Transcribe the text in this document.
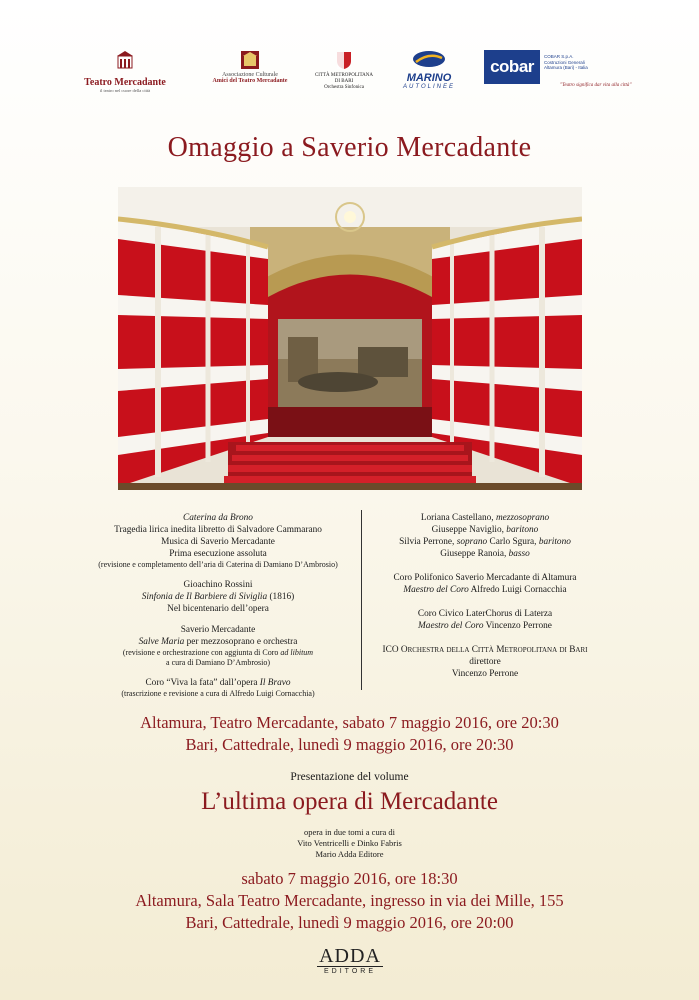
Teatro Mercadante
il teatro nel cuore della città
Associazione Culturale
Amici del Teatro Mercadante
CITTÀ METROPOLITANA
DI BARI
Orchestra Sinfonica
MARINO
AUTOLINEE
cobar
COBAR S.p.A.
Costruzioni Generali
Altamura (Bari) - Italia
"Teatro significa dar vita alla città"
Omaggio a Saverio Mercadante

Caterina da Brono

Tragedia lirica inedita libretto di Salvadore Cammarano

Musica di Saverio Mercadante

Prima esecuzione assoluta

(revisione e completamento dell’aria di Caterina di Damiano D’Ambrosio)

Gioachino Rossini

Sinfonia de Il Barbiere di Siviglia (1816)

Nel bicentenario dell’opera

Saverio Mercadante

Salve Maria per mezzosoprano e orchestra

(revisione e orchestrazione con aggiunta di Coro ad libitum

a cura di Damiano D’Ambrosio)

Coro “Viva la fata” dall’opera Il Bravo

(trascrizione e revisione a cura di Alfredo Luigi Cornacchia)

Loriana Castellano, mezzosoprano

Giuseppe Naviglio, baritono

Silvia Perrone, soprano Carlo Sgura, baritono

Giuseppe Ranoia, basso

Coro Polifonico Saverio Mercadante di Altamura

Maestro del Coro Alfredo Luigi Cornacchia

Coro Civico LaterChorus di Laterza

Maestro del Coro Vincenzo Perrone

ICO Orchestra della Città Metropolitana di Bari

direttore

Vincenzo Perrone

Altamura, Teatro Mercadante, sabato 7 maggio 2016, ore 20:30
Bari, Cattedrale, lunedì 9 maggio 2016, ore 20:30
Presentazione del volume
L’ultima opera di Mercadante
opera in due tomi a cura di
Vito Ventricelli e Dinko Fabris
Mario Adda Editore
sabato 7 maggio 2016, ore 18:30
Altamura, Sala Teatro Mercadante, ingresso in via dei Mille, 155
Bari, Cattedrale, lunedì 9 maggio 2016, ore 20:00
ADDA
EDITORE
